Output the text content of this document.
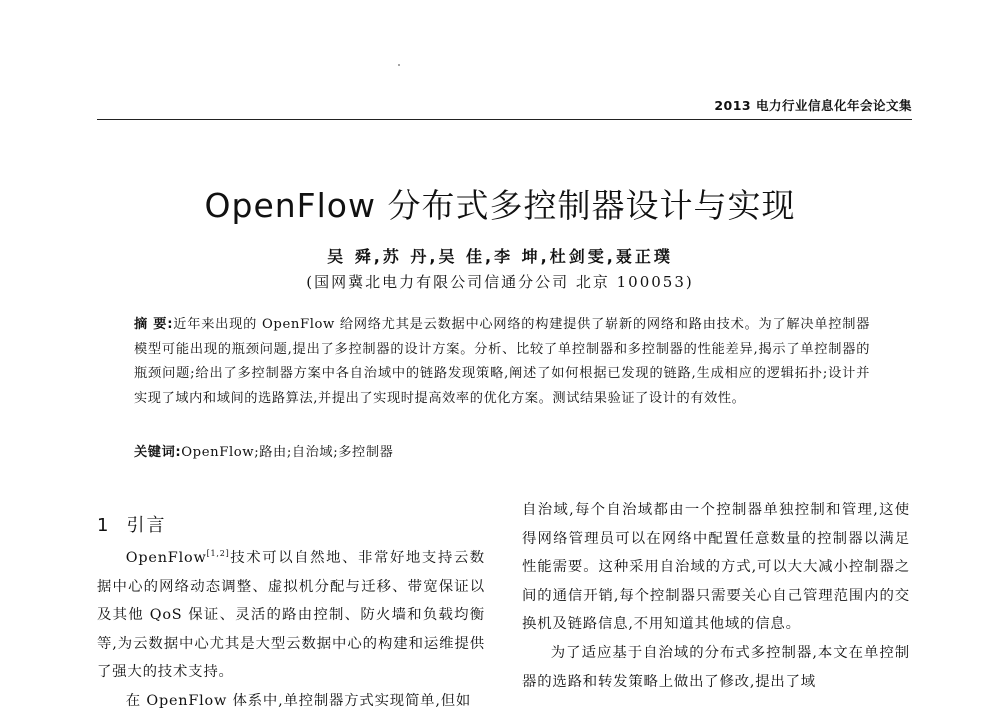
2013 电力行业信息化年会论文集
OpenFlow 分布式多控制器设计与实现
吴 舜,苏 丹,吴 佳,李 坤,杜剑雯,聂正璞
(国网冀北电力有限公司信通分公司 北京 100053)
摘 要:近年来出现的 OpenFlow 给网络尤其是云数据中心网络的构建提供了崭新的网络和路由技术。为了解决单控制器模型可能出现的瓶颈问题,提出了多控制器的设计方案。分析、比较了单控制器和多控制器的性能差异,揭示了单控制器的瓶颈问题;给出了多控制器方案中各自治域中的链路发现策略,阐述了如何根据已发现的链路,生成相应的逻辑拓扑;设计并实现了域内和域间的选路算法,并提出了实现时提高效率的优化方案。测试结果验证了设计的有效性。
关键词:OpenFlow;路由;自治域;多控制器
1 引言

OpenFlow[1,2]技术可以自然地、非常好地支持云数据中心的网络动态调整、虚拟机分配与迁移、带宽保证以及其他 QoS 保证、灵活的路由控制、防火墙和负载均衡等,为云数据中心尤其是大型云数据中心的构建和运维提供了强大的技术支持。

在 OpenFlow 体系中,单控制器方式实现简单,但如

自治域,每个自治域都由一个控制器单独控制和管理,这使得网络管理员可以在网络中配置任意数量的控制器以满足性能需要。这种采用自治域的方式,可以大大减小控制器之间的通信开销,每个控制器只需要关心自己管理范围内的交换机及链路信息,不用知道其他域的信息。

为了适应基于自治域的分布式多控制器,本文在单控制器的选路和转发策略上做出了修改,提出了域
